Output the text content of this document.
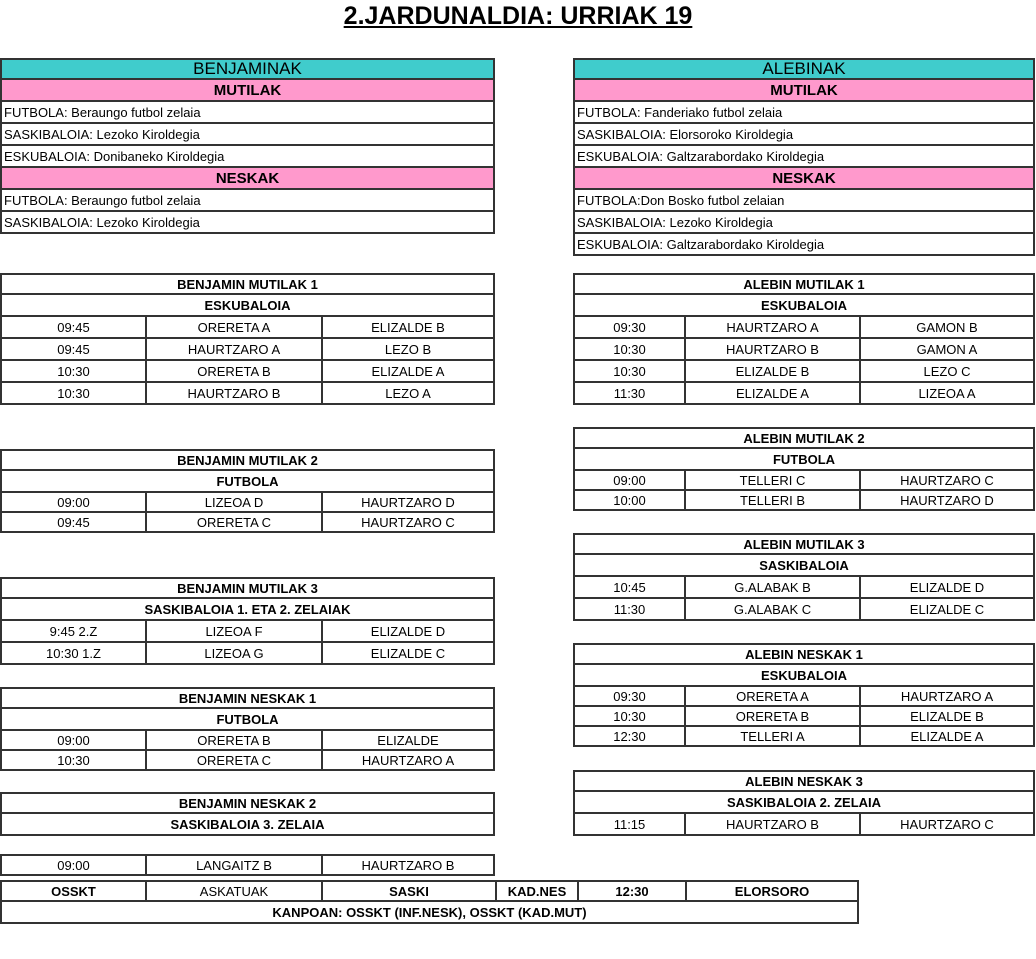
2.JARDUNALDIA: URRIAK 19
BENJAMINAK
MUTILAK
FUTBOLA: Beraungo futbol zelaia
SASKIBALOIA: Lezoko Kiroldegia
ESKUBALOIA: Donibaneko Kiroldegia
NESKAK
FUTBOLA: Beraungo futbol zelaia
SASKIBALOIA: Lezoko Kiroldegia
ALEBINAK
MUTILAK
FUTBOLA: Fanderiako futbol zelaia
SASKIBALOIA: Elorsoroko Kiroldegia
ESKUBALOIA: Galtzarabordako Kiroldegia
NESKAK
FUTBOLA:Don Bosko futbol zelaian
SASKIBALOIA: Lezoko Kiroldegia
ESKUBALOIA: Galtzarabordako Kiroldegia
BENJAMIN MUTILAK 1
ESKUBALOIA
09:45	ORERETA A	ELIZALDE B
09:45	HAURTZARO A	LEZO B
10:30	ORERETA B	ELIZALDE A
10:30	HAURTZARO B	LEZO A
BENJAMIN MUTILAK 2
FUTBOLA
09:00	LIZEOA D	HAURTZARO D
09:45	ORERETA C	HAURTZARO C
BENJAMIN MUTILAK 3
SASKIBALOIA 1. ETA 2. ZELAIAK
9:45 2.Z	LIZEOA F	ELIZALDE D
10:30 1.Z	LIZEOA G	ELIZALDE C
BENJAMIN NESKAK 1
FUTBOLA
09:00	ORERETA B	ELIZALDE
10:30	ORERETA C	HAURTZARO A
BENJAMIN NESKAK 2
SASKIBALOIA 3. ZELAIA
09:00	LANGAITZ B	HAURTZARO B
ALEBIN MUTILAK 1
ESKUBALOIA
09:30	HAURTZARO A	GAMON B
10:30	HAURTZARO B	GAMON A
10:30	ELIZALDE B	LEZO C
11:30	ELIZALDE A	LIZEOA A
ALEBIN MUTILAK 2
FUTBOLA
09:00	TELLERI C	HAURTZARO C
10:00	TELLERI B	HAURTZARO D
ALEBIN MUTILAK 3
SASKIBALOIA
10:45	G.ALABAK B	ELIZALDE D
11:30	G.ALABAK C	ELIZALDE C
ALEBIN NESKAK 1
ESKUBALOIA
09:30	ORERETA A	HAURTZARO A
10:30	ORERETA B	ELIZALDE B
12:30	TELLERI A	ELIZALDE A
ALEBIN NESKAK 3
SASKIBALOIA 2. ZELAIA
11:15	HAURTZARO B	HAURTZARO C
OSSKT	ASKATUAK	SASKI	KAD.NES	12:30	ELORSORO
KANPOAN: OSSKT (INF.NESK), OSSKT (KAD.MUT)
